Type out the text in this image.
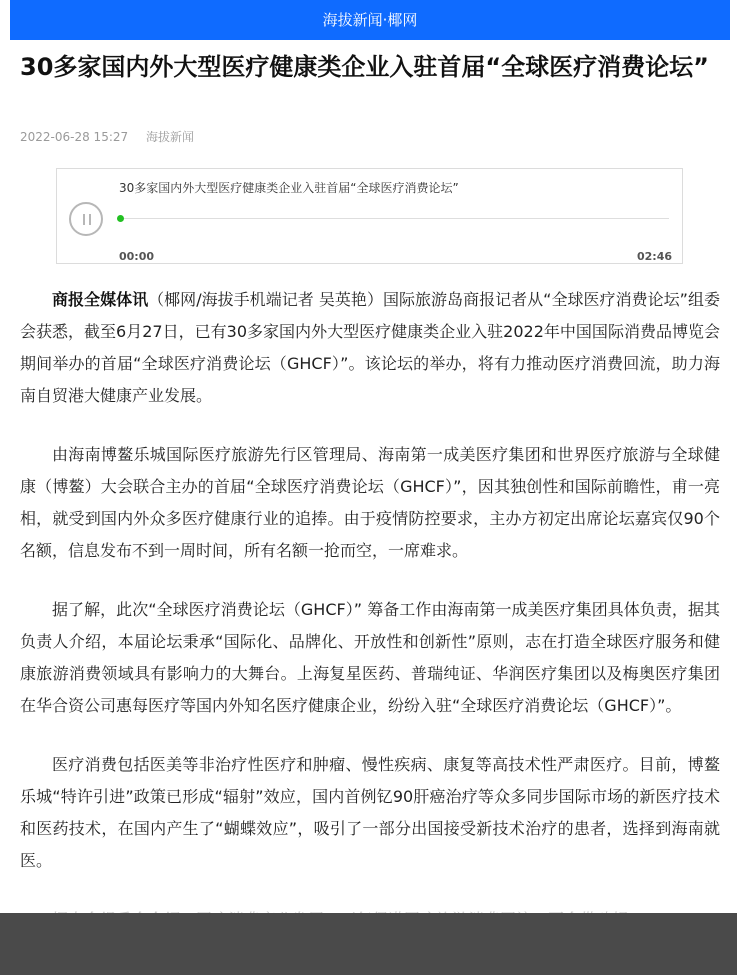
海拔新闻·椰网
30多家国内外大型医疗健康类企业入驻首届“全球医疗消费论坛”
2022-06-28 15:27 海拔新闻
30多家国内外大型医疗健康类企业入驻首届“全球医疗消费论坛”
00:00	02:46

商报全媒体讯（椰网/海拔手机端记者 吴英艳）国际旅游岛商报记者从“全球医疗消费论坛”组委会获悉，截至6月27日，已有30多家国内外大型医疗健康类企业入驻2022年中国国际消费品博览会期间举办的首届“全球医疗消费论坛（GHCF）”。该论坛的举办，将有力推动医疗消费回流，助力海南自贸港大健康产业发展。

由海南博鳌乐城国际医疗旅游先行区管理局、海南第一成美医疗集团和世界医疗旅游与全球健康（博鳌）大会联合主办的首届“全球医疗消费论坛（GHCF）”，因其独创性和国际前瞻性，甫一亮相，就受到国内外众多医疗健康行业的追捧。由于疫情防控要求，主办方初定出席论坛嘉宾仅90个名额，信息发布不到一周时间，所有名额一抢而空，一席难求。

据了解，此次“全球医疗消费论坛（GHCF）” 筹备工作由海南第一成美医疗集团具体负责，据其负责人介绍，本届论坛秉承“国际化、品牌化、开放性和创新性”原则，志在打造全球医疗服务和健康旅游消费领域具有影响力的大舞台。上海复星医药、普瑞纯证、华润医疗集团以及梅奥医疗集团在华合资公司惠每医疗等国内外知名医疗健康企业，纷纷入驻“全球医疗消费论坛（GHCF）”。

医疗消费包括医美等非治疗性医疗和肿瘤、慢性疾病、康复等高技术性严肃医疗。目前，博鳌乐城“特许引进”政策已形成“辐射”效应，国内首例钇90肝癌治疗等众多同步国际市场的新医疗技术和医药技术，在国内产生了“蝴蝶效应”，吸引了一部分出国接受新技术治疗的患者，选择到海南就医。
